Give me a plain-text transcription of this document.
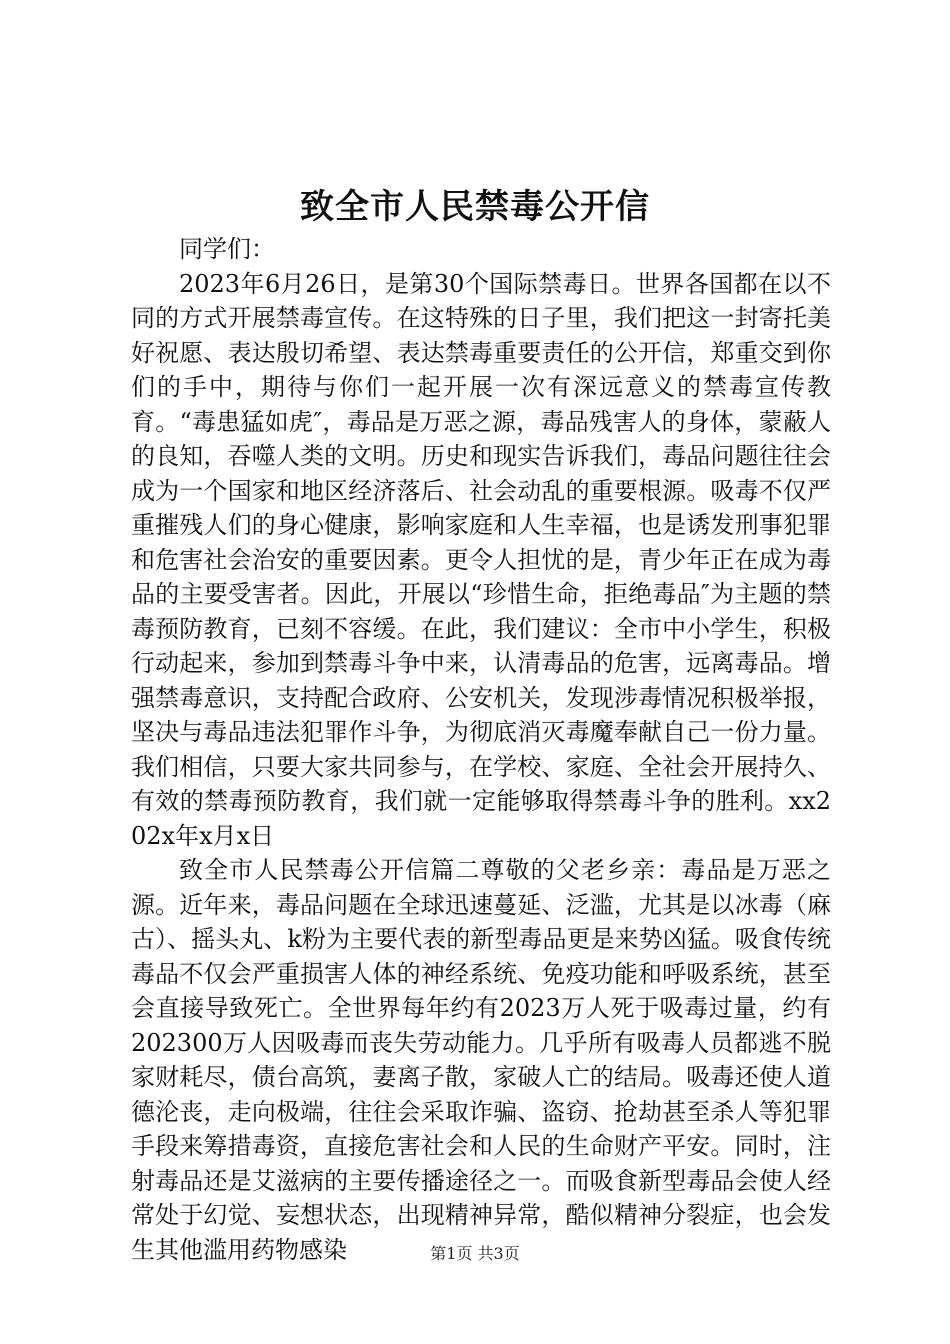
致全市人民禁毒公开信

同学们：

2023年6月26日，是第30个国际禁毒日。世界各国都在以不同的方式开展禁毒宣传。在这特殊的日子里，我们把这一封寄托美好祝愿、表达殷切希望、表达禁毒重要责任的公开信，郑重交到你们的手中，期待与你们一起开展一次有深远意义的禁毒宣传教育。“毒患猛如虎″，毒品是万恶之源，毒品残害人的身体，蒙蔽人的良知，吞噬人类的文明。历史和现实告诉我们，毒品问题往往会成为一个国家和地区经济落后、社会动乱的重要根源。吸毒不仅严重摧残人们的身心健康，影响家庭和人生幸福，也是诱发刑事犯罪和危害社会治安的重要因素。更令人担忧的是，青少年正在成为毒品的主要受害者。因此，开展以“珍惜生命，拒绝毒品″为主题的禁毒预防教育，已刻不容缓。在此，我们建议：全市中小学生，积极行动起来，参加到禁毒斗争中来，认清毒品的危害，远离毒品。增强禁毒意识，支持配合政府、公安机关，发现涉毒情况积极举报，坚决与毒品违法犯罪作斗争，为彻底消灭毒魔奉献自己一份力量。我们相信，只要大家共同参与，在学校、家庭、全社会开展持久、有效的禁毒预防教育，我们就一定能够取得禁毒斗争的胜利。xx202x年x月x日

致全市人民禁毒公开信篇二尊敬的父老乡亲：毒品是万恶之源。近年来，毒品问题在全球迅速蔓延、泛滥，尤其是以冰毒（麻古）、摇头丸、k粉为主要代表的新型毒品更是来势凶猛。吸食传统毒品不仅会严重损害人体的神经系统、免疫功能和呼吸系统，甚至会直接导致死亡。全世界每年约有2023万人死于吸毒过量，约有202300万人因吸毒而丧失劳动能力。几乎所有吸毒人员都逃不脱家财耗尽，债台高筑，妻离子散，家破人亡的结局。吸毒还使人道德沦丧，走向极端，往往会采取诈骗、盗窃、抢劫甚至杀人等犯罪手段来筹措毒资，直接危害社会和人民的生命财产平安。同时，注射毒品还是艾滋病的主要传播途径之一。而吸食新型毒品会使人经常处于幻觉、妄想状态，出现精神异常，酷似精神分裂症，也会发生其他滥用药物感染	第1页 共3页
